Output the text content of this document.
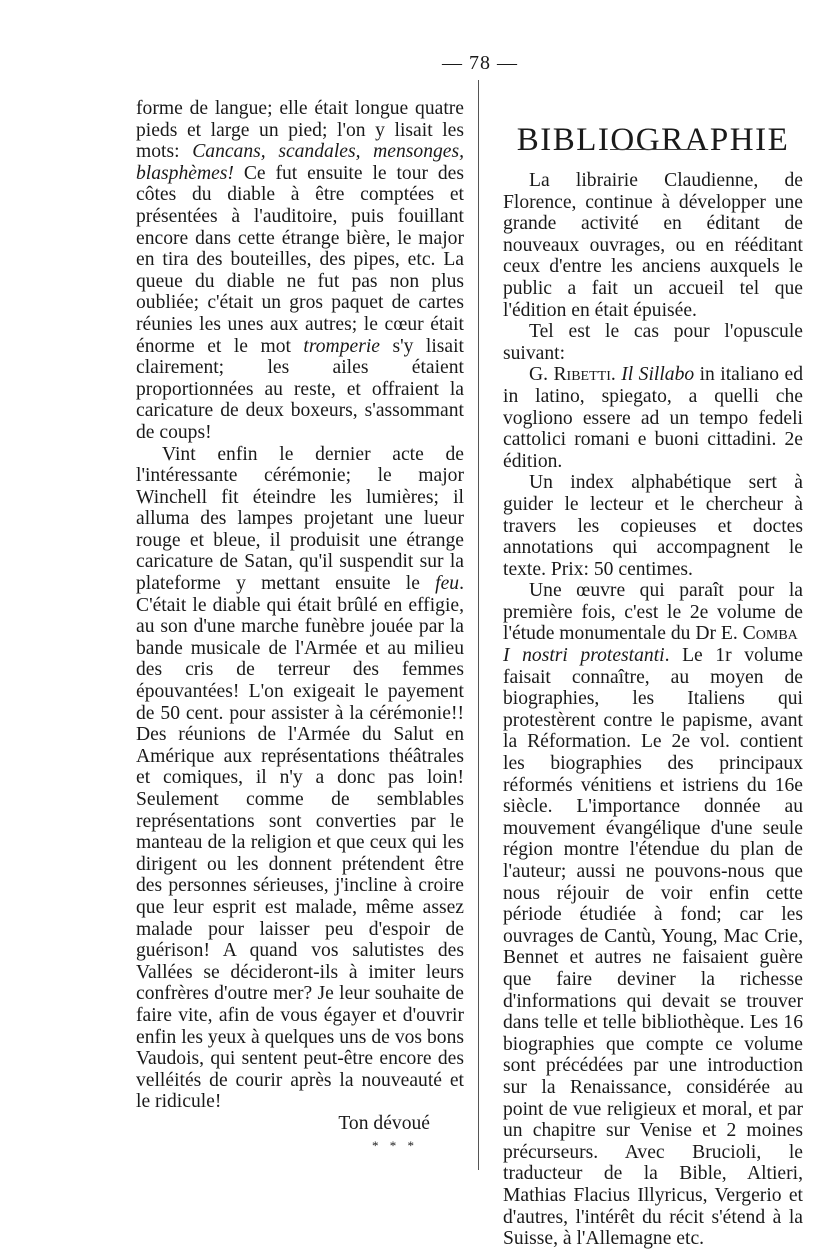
— 78 —

forme de langue; elle était longue quatre pieds et large un pied; l'on y lisait les mots: Cancans, scandales, mensonges, blasphèmes! Ce fut ensuite le tour des côtes du diable à être comptées et présentées à l'auditoire, puis fouillant encore dans cette étrange bière, le major en tira des bouteilles, des pipes, etc. La queue du diable ne fut pas non plus oubliée; c'était un gros paquet de cartes réunies les unes aux autres; le cœur était énorme et le mot tromperie s'y lisait clairement; les ailes étaient proportionnées au reste, et offraient la caricature de deux boxeurs, s'assommant de coups!

Vint enfin le dernier acte de l'intéressante cérémonie; le major Winchell fit éteindre les lumières; il alluma des lampes projetant une lueur rouge et bleue, il produisit une étrange caricature de Satan, qu'il suspendit sur la plateforme y mettant ensuite le feu. C'était le diable qui était brûlé en effigie, au son d'une marche funèbre jouée par la bande musicale de l'Armée et au milieu des cris de terreur des femmes épouvantées! L'on exigeait le payement de 50 cent. pour assister à la cérémonie!! Des réunions de l'Armée du Salut en Amérique aux représentations théâtrales et comiques, il n'y a donc pas loin! Seulement comme de semblables représentations sont converties par le manteau de la religion et que ceux qui les dirigent ou les donnent prétendent être des personnes sérieuses, j'incline à croire que leur esprit est malade, même assez malade pour laisser peu d'espoir de guérison! A quand vos salutistes des Vallées se décideront-ils à imiter leurs confrères d'outre mer? Je leur souhaite de faire vite, afin de vous égayer et d'ouvrir enfin les yeux à quelques uns de vos bons Vaudois, qui sentent peut-être encore des velléités de courir après la nouveauté et le ridicule!

Ton dévoué
* * *
BIBLIOGRAPHIE

La librairie Claudienne, de Florence, continue à développer une grande activité en éditant de nouveaux ouvrages, ou en rééditant ceux d'entre les anciens auxquels le public a fait un accueil tel que l'édition en était épuisée.

Tel est le cas pour l'opuscule suivant:

G. Ribetti. Il Sillabo in italiano ed in latino, spiegato, a quelli che vogliono essere ad un tempo fedeli cattolici romani e buoni cittadini. 2e édition.

Un index alphabétique sert à guider le lecteur et le chercheur à travers les copieuses et doctes annotations qui accompagnent le texte. Prix: 50 centimes.

Une œuvre qui paraît pour la première fois, c'est le 2e volume de l'étude monumentale du Dr E. Comba
I nostri protestanti. Le 1r volume faisait connaître, au moyen de biographies, les Italiens qui protestèrent contre le papisme, avant la Réformation. Le 2e vol. contient les biographies des principaux réformés vénitiens et istriens du 16e siècle. L'importance donnée au mouvement évangélique d'une seule région montre l'étendue du plan de l'auteur; aussi ne pouvons-nous que nous réjouir de voir enfin cette période étudiée à fond; car les ouvrages de Cantù, Young, Mac Crie, Bennet et autres ne faisaient guère que faire deviner la richesse d'informations qui devait se trouver dans telle et telle bibliothèque. Les 16 biographies que compte ce volume sont précédées par une introduction sur la Renaissance, considérée au point de vue religieux et moral, et par un chapitre sur Venise et 2 moines précurseurs. Avec Brucioli, le traducteur de la Bible, Altieri, Mathias Flacius Illyricus, Vergerio et d'autres, l'intérêt du récit s'étend à la Suisse, à l'Allemagne etc.
